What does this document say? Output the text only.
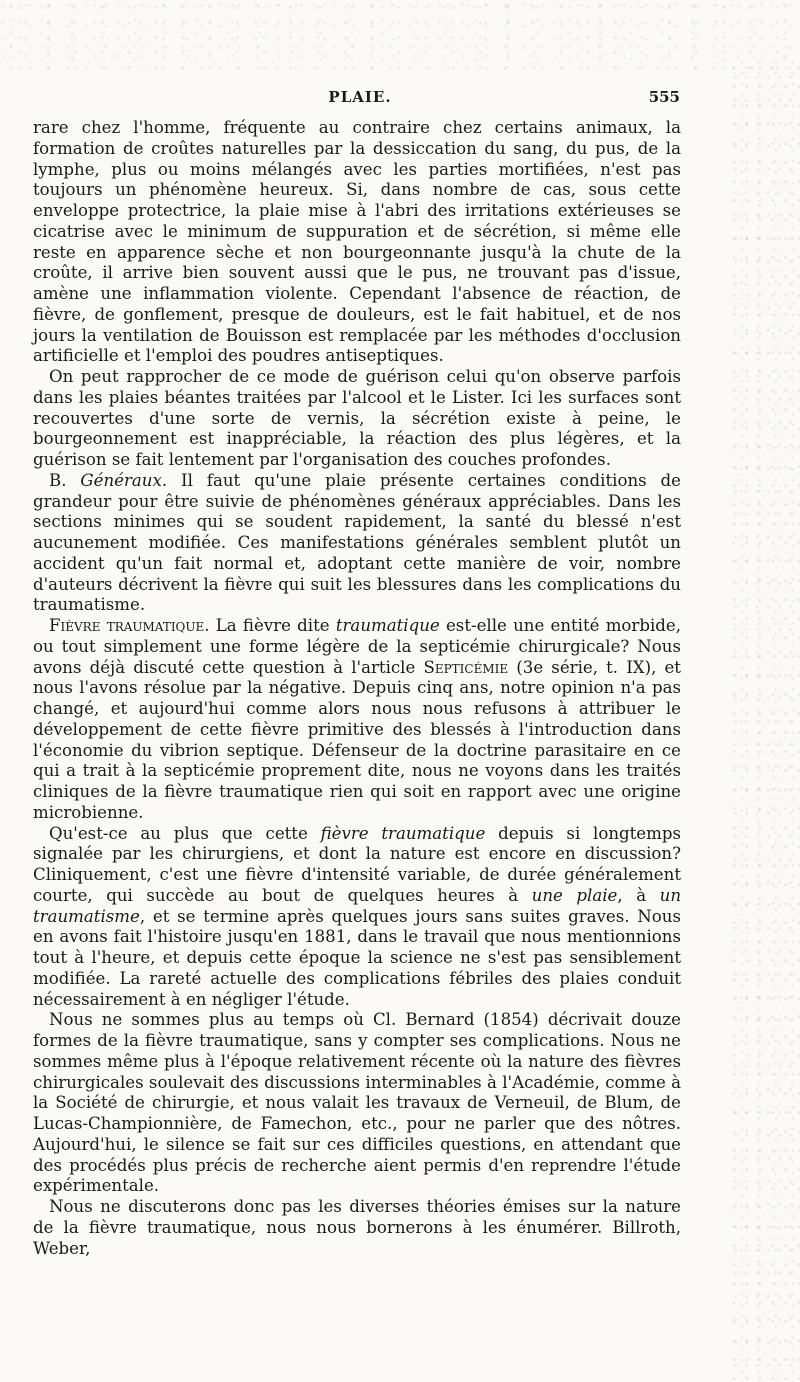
PLAIE.	555

rare chez l'homme, fréquente au contraire chez certains animaux, la formation de croûtes naturelles par la dessiccation du sang, du pus, de la lymphe, plus ou moins mélangés avec les parties mortifiées, n'est pas toujours un phénomène heureux. Si, dans nombre de cas, sous cette enveloppe protectrice, la plaie mise à l'abri des irritations extérieuses se cicatrise avec le minimum de suppuration et de sécrétion, si même elle reste en apparence sèche et non bourgeonnante jusqu'à la chute de la croûte, il arrive bien souvent aussi que le pus, ne trouvant pas d'issue, amène une inflammation violente. Cependant l'absence de réaction, de fièvre, de gonflement, presque de douleurs, est le fait habituel, et de nos jours la ventilation de Bouisson est remplacée par les méthodes d'occlusion artificielle et l'emploi des poudres antiseptiques.

On peut rapprocher de ce mode de guérison celui qu'on observe parfois dans les plaies béantes traitées par l'alcool et le Lister. Ici les surfaces sont recouvertes d'une sorte de vernis, la sécrétion existe à peine, le bourgeonnement est inappréciable, la réaction des plus légères, et la guérison se fait lentement par l'organisation des couches profondes.

B. Généraux. Il faut qu'une plaie présente certaines conditions de grandeur pour être suivie de phénomènes généraux appréciables. Dans les sections minimes qui se soudent rapidement, la santé du blessé n'est aucunement modifiée. Ces manifestations générales semblent plutôt un accident qu'un fait normal et, adoptant cette manière de voir, nombre d'auteurs décrivent la fièvre qui suit les blessures dans les complications du traumatisme.

Fièvre traumatique. La fièvre dite traumatique est-elle une entité morbide, ou tout simplement une forme légère de la septicémie chirurgicale? Nous avons déjà discuté cette question à l'article Septicémie (3e série, t. IX), et nous l'avons résolue par la négative. Depuis cinq ans, notre opinion n'a pas changé, et aujourd'hui comme alors nous nous refusons à attribuer le développement de cette fièvre primitive des blessés à l'introduction dans l'économie du vibrion septique. Défenseur de la doctrine parasitaire en ce qui a trait à la septicémie proprement dite, nous ne voyons dans les traités cliniques de la fièvre traumatique rien qui soit en rapport avec une origine microbienne.

Qu'est-ce au plus que cette fièvre traumatique depuis si longtemps signalée par les chirurgiens, et dont la nature est encore en discussion? Cliniquement, c'est une fièvre d'intensité variable, de durée généralement courte, qui succède au bout de quelques heures à une plaie, à un traumatisme, et se termine après quelques jours sans suites graves. Nous en avons fait l'histoire jusqu'en 1881, dans le travail que nous mentionnions tout à l'heure, et depuis cette époque la science ne s'est pas sensiblement modifiée. La rareté actuelle des complications fébriles des plaies conduit nécessairement à en négliger l'étude.

Nous ne sommes plus au temps où Cl. Bernard (1854) décrivait douze formes de la fièvre traumatique, sans y compter ses complications. Nous ne sommes même plus à l'époque relativement récente où la nature des fièvres chirurgicales soulevait des discussions interminables à l'Académie, comme à la Société de chirurgie, et nous valait les travaux de Verneuil, de Blum, de Lucas-Championnière, de Famechon, etc., pour ne parler que des nôtres. Aujourd'hui, le silence se fait sur ces difficiles questions, en attendant que des procédés plus précis de recherche aient permis d'en reprendre l'étude expérimentale.

Nous ne discuterons donc pas les diverses théories émises sur la nature de la fièvre traumatique, nous nous bornerons à les énumérer. Billroth, Weber,
